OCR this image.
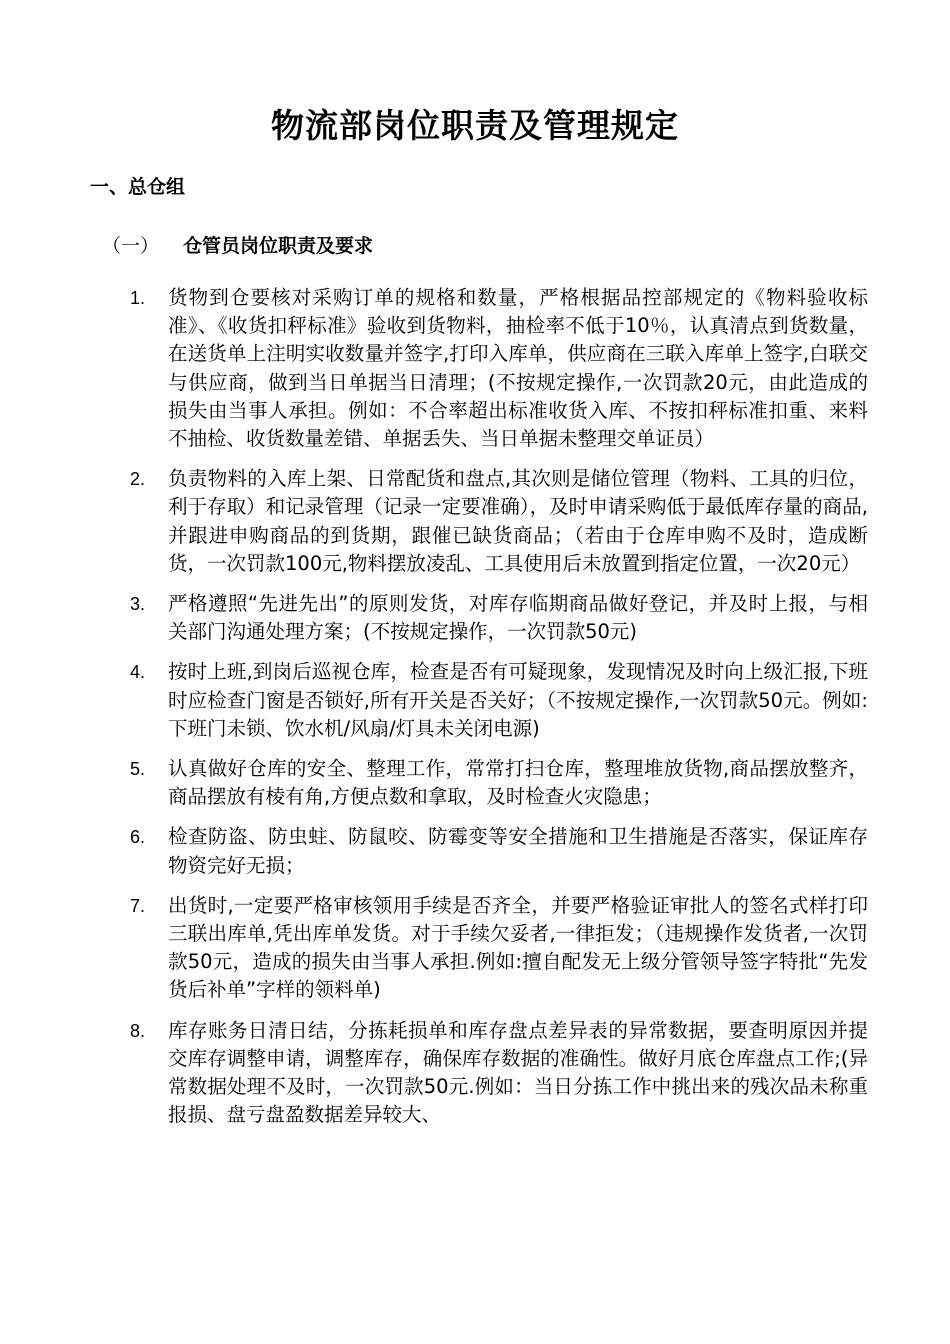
物流部岗位职责及管理规定
一、总仓组
（一） 仓管员岗位职责及要求
1.	货物到仓要核对采购订单的规格和数量，严格根据品控部规定的《物料验收标准》、《收货扣秤标准》验收到货物料，抽检率不低于10％，认真清点到货数量，在送货单上注明实收数量并签字,打印入库单，供应商在三联入库单上签字,白联交与供应商，做到当日单据当日清理；(不按规定操作,一次罚款20元，由此造成的损失由当事人承担。例如：不合率超出标准收货入库、不按扣秤标准扣重、来料不抽检、收货数量差错、单据丢失、当日单据未整理交单证员）
2.	负责物料的入库上架、日常配货和盘点,其次则是储位管理（物料、工具的归位，利于存取）和记录管理（记录一定要准确），及时申请采购低于最低库存量的商品,并跟进申购商品的到货期，跟催已缺货商品；（若由于仓库申购不及时，造成断货，一次罚款100元,物料摆放凌乱、工具使用后未放置到指定位置，一次20元）
3.	严格遵照“先进先出”的原则发货，对库存临期商品做好登记，并及时上报，与相关部门沟通处理方案；(不按规定操作，一次罚款50元)
4.	按时上班,到岗后巡视仓库，检查是否有可疑现象，发现情况及时向上级汇报,下班时应检查门窗是否锁好,所有开关是否关好；（不按规定操作,一次罚款50元。例如:下班门未锁、饮水机/风扇/灯具未关闭电源)
5.	认真做好仓库的安全、整理工作，常常打扫仓库，整理堆放货物,商品摆放整齐，商品摆放有棱有角,方便点数和拿取，及时检查火灾隐患；
6.	检查防盗、防虫蛀、防鼠咬、防霉变等安全措施和卫生措施是否落实，保证库存物资完好无损；
7.	出货时,一定要严格审核领用手续是否齐全，并要严格验证审批人的签名式样打印三联出库单,凭出库单发货。对于手续欠妥者,一律拒发；（违规操作发货者,一次罚款50元，造成的损失由当事人承担.例如:擅自配发无上级分管领导签字特批“先发货后补单”字样的领料单)
8.	库存账务日清日结，分拣耗损单和库存盘点差异表的异常数据，要查明原因并提交库存调整申请，调整库存，确保库存数据的准确性。做好月底仓库盘点工作;(异常数据处理不及时，一次罚款50元.例如：当日分拣工作中挑出来的残次品未称重报损、盘亏盘盈数据差异较大、
